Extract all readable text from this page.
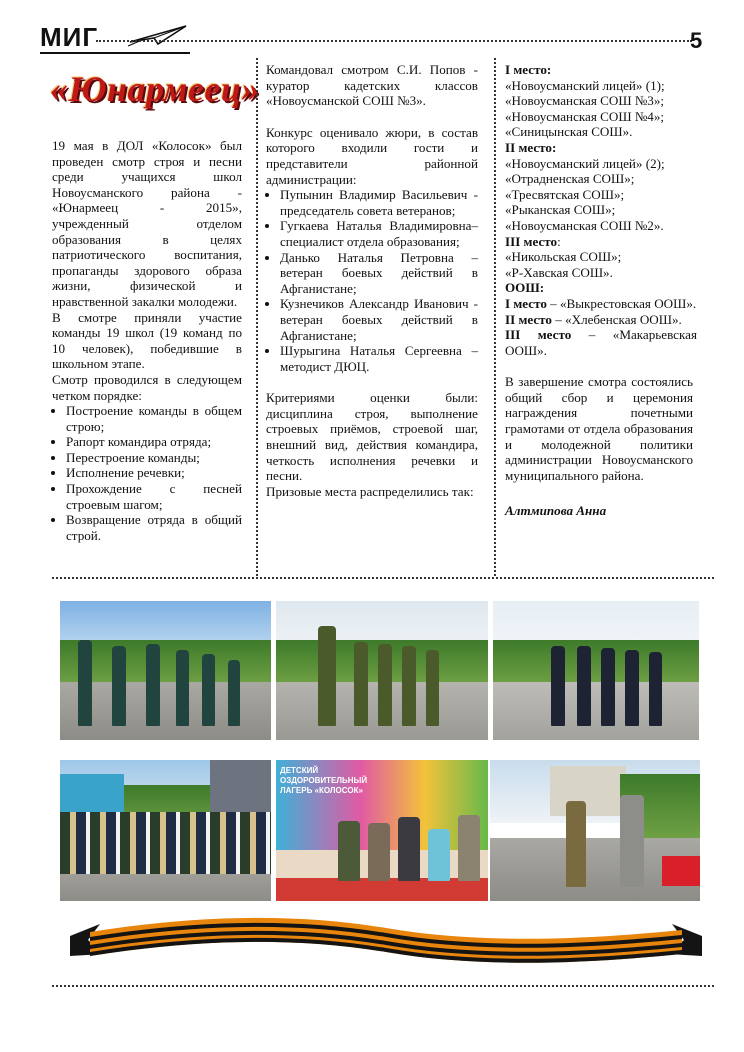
МИГ	5
«Юнармеец»

19 мая в ДОЛ «Колосок» был проведен смотр строя и песни среди учащихся школ Новоусманского района - «Юнармеец - 2015», учрежденный отделом образования в целях патриотического воспитания, пропаганды здорового образа жизни, физической и нравственной закалки молодежи.

В смотре приняли участие команды 19 школ (19 команд по 10 человек), победившие в школьном этапе.

Смотр проводился в следующем четком порядке:

• Построение команды в общем строю;
• Рапорт командира отряда;
• Перестроение команды;
• Исполнение речевки;
• Прохождение с песней строевым шагом;
• Возвращение отряда в общий строй.

Командовал смотром С.И. Попов - куратор кадетских классов «Новоусманской СОШ №3».

Конкурс оценивало жюри, в состав которого входили гости и представители районной администрации:

• Пупынин Владимир Васильевич - председатель совета ветеранов;
• Гугкаева Наталья Владимировна– специалист отдела образования;
• Данько Наталья Петровна – ветеран боевых действий в Афганистане;
• Кузнечиков Александр Иванович - ветеран боевых действий в Афганистане;
• Шурыгина Наталья Сергеевна – методист ДЮЦ.

Критериями оценки были: дисциплина строя, выполнение строевых приёмов, строевой шаг, внешний вид, действия командира, четкость исполнения речевки и песни.

Призовые места распределились так:

I место:

«Новоусманский лицей» (1);

«Новоусманская СОШ №3»;

«Новоусманская СОШ №4»;

«Синицынская СОШ».

II место:

«Новоусманский лицей» (2);

«Отрадненская СОШ»;

«Тресвятская СОШ»;

«Рыканская СОШ»;

«Новоусманская СОШ №2».

III место:

«Никольская СОШ»;

«Р-Хавская СОШ».

ООШ:

I место – «Выкрестовская ООШ».

II место – «Хлебенская ООШ».

III место – «Макарьевская ООШ».

В завершение смотра состоялись общий сбор и церемония награждения почетными грамотами от отдела образования и молодежной политики администрации Новоусманского муниципального района.

Алтмипова Анна

ДЕТСКИЙ ОЗДОРОВИТЕЛЬНЫЙ ЛАГЕРЬ «КОЛОСОК»
